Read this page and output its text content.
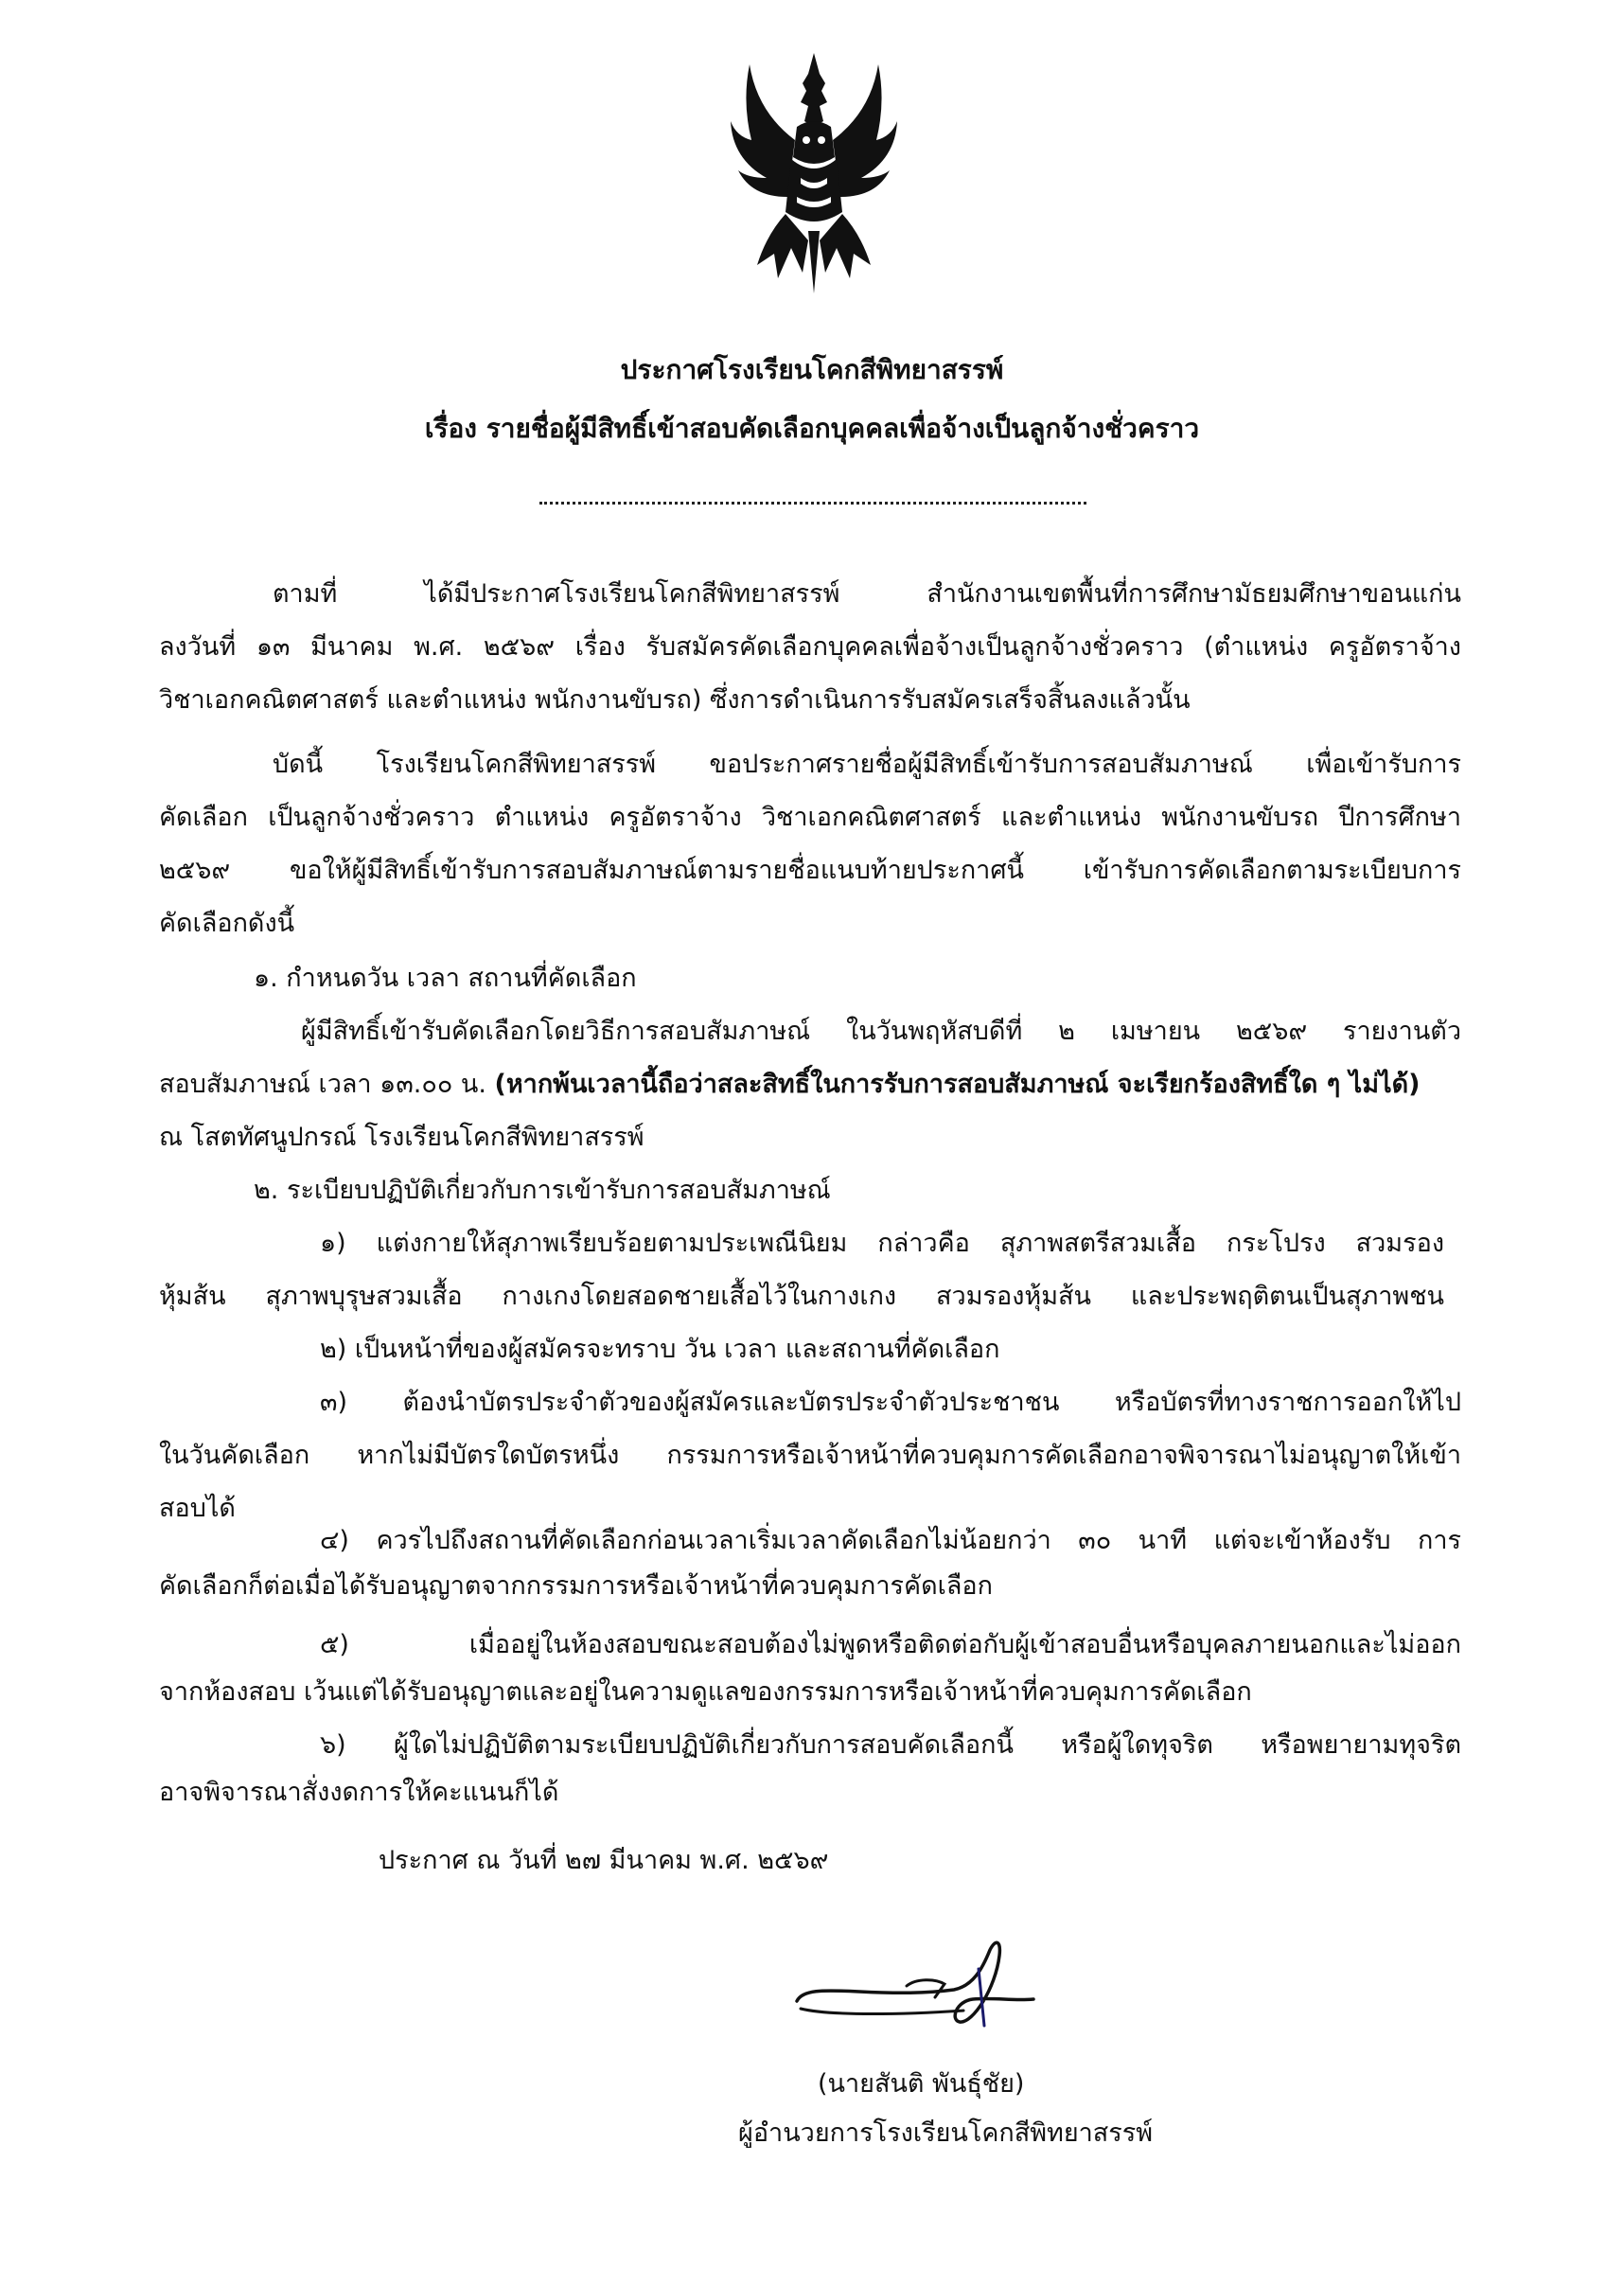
ประกาศโรงเรียนโคกสีพิทยาสรรพ์
เรื่อง รายชื่อผู้มีสิทธิ์เข้าสอบคัดเลือกบุคคลเพื่อจ้างเป็นลูกจ้างชั่วคราว
ตามที่ ได้มีประกาศโรงเรียนโคกสีพิทยาสรรพ์ สำนักงานเขตพื้นที่การศึกษามัธยมศึกษาขอนแก่น
ลงวันที่ ๑๓ มีนาคม พ.ศ. ๒๕๖๙ เรื่อง รับสมัครคัดเลือกบุคคลเพื่อจ้างเป็นลูกจ้างชั่วคราว (ตำแหน่ง ครูอัตราจ้าง
วิชาเอกคณิตศาสตร์ และตำแหน่ง พนักงานขับรถ) ซึ่งการดำเนินการรับสมัครเสร็จสิ้นลงแล้วนั้น
บัดนี้ โรงเรียนโคกสีพิทยาสรรพ์ ขอประกาศรายชื่อผู้มีสิทธิ์เข้ารับการสอบสัมภาษณ์ เพื่อเข้ารับการ
คัดเลือก เป็นลูกจ้างชั่วคราว ตำแหน่ง ครูอัตราจ้าง วิชาเอกคณิตศาสตร์ และตำแหน่ง พนักงานขับรถ ปีการศึกษา
๒๕๖๙ ขอให้ผู้มีสิทธิ์เข้ารับการสอบสัมภาษณ์ตามรายชื่อแนบท้ายประกาศนี้ เข้ารับการคัดเลือกตามระเบียบการ
คัดเลือกดังนี้
๑. กำหนดวัน เวลา สถานที่คัดเลือก
ผู้มีสิทธิ์เข้ารับคัดเลือกโดยวิธีการสอบสัมภาษณ์ ในวันพฤหัสบดีที่ ๒ เมษายน ๒๕๖๙ รายงานตัว
สอบสัมภาษณ์ เวลา ๑๓.๐๐ น. (หากพ้นเวลานี้ถือว่าสละสิทธิ์ในการรับการสอบสัมภาษณ์ จะเรียกร้องสิทธิ์ใด ๆ ไม่ได้)
ณ โสตทัศนูปกรณ์ โรงเรียนโคกสีพิทยาสรรพ์
๒. ระเบียบปฏิบัติเกี่ยวกับการเข้ารับการสอบสัมภาษณ์
๑) แต่งกายให้สุภาพเรียบร้อยตามประเพณีนิยม กล่าวคือ สุภาพสตรีสวมเสื้อ กระโปรง สวมรอง
หุ้มส้น สุภาพบุรุษสวมเสื้อ กางเกงโดยสอดชายเสื้อไว้ในกางเกง สวมรองหุ้มส้น และประพฤติตนเป็นสุภาพชน
๒) เป็นหน้าที่ของผู้สมัครจะทราบ วัน เวลา และสถานที่คัดเลือก
๓) ต้องนำบัตรประจำตัวของผู้สมัครและบัตรประจำตัวประชาชน หรือบัตรที่ทางราชการออกให้ไป
ในวันคัดเลือก หากไม่มีบัตรใดบัตรหนึ่ง กรรมการหรือเจ้าหน้าที่ควบคุมการคัดเลือกอาจพิจารณาไม่อนุญาตให้เข้า
สอบได้
๔) ควรไปถึงสถานที่คัดเลือกก่อนเวลาเริ่มเวลาคัดเลือกไม่น้อยกว่า ๓๐ นาที แต่จะเข้าห้องรับ การ
คัดเลือกก็ต่อเมื่อได้รับอนุญาตจากกรรมการหรือเจ้าหน้าที่ควบคุมการคัดเลือก
๕) เมื่ออยู่ในห้องสอบขณะสอบต้องไม่พูดหรือติดต่อกับผู้เข้าสอบอื่นหรือบุคลภายนอกและไม่ออก
จากห้องสอบ เว้นแต่ได้รับอนุญาตและอยู่ในความดูแลของกรรมการหรือเจ้าหน้าที่ควบคุมการคัดเลือก
๖) ผู้ใดไม่ปฏิบัติตามระเบียบปฏิบัติเกี่ยวกับการสอบคัดเลือกนี้ หรือผู้ใดทุจริต หรือพยายามทุจริต
อาจพิจารณาสั่งงดการให้คะแนนก็ได้
ประกาศ ณ วันที่ ๒๗ มีนาคม พ.ศ. ๒๕๖๙
(นายสันติ พันธุ์ชัย)
ผู้อำนวยการโรงเรียนโคกสีพิทยาสรรพ์
